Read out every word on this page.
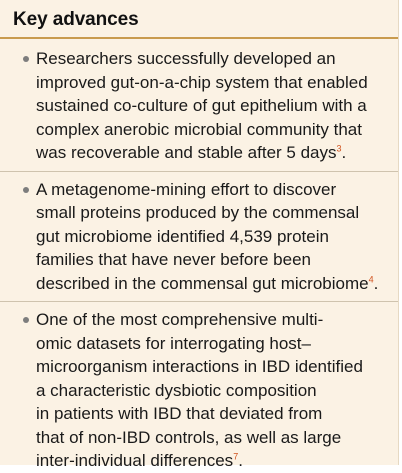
Key advances
Researchers successfully developed an
improved gut-on-a-chip system that enabled
sustained co-culture of gut epithelium with a
complex anerobic microbial community that
was recoverable and stable after 5 days$^3$.
A metagenome-mining effort to discover
small proteins produced by the commensal
gut microbiome identified 4,539 protein
families that have never before been
described in the commensal gut microbiome$^4$.
One of the most comprehensive multi-
omic datasets for interrogating host–
microorganism interactions in IBD identified
a characteristic dysbiotic composition
in patients with IBD that deviated from
that of non-IBD controls, as well as large
inter-individual differences$^7$.
